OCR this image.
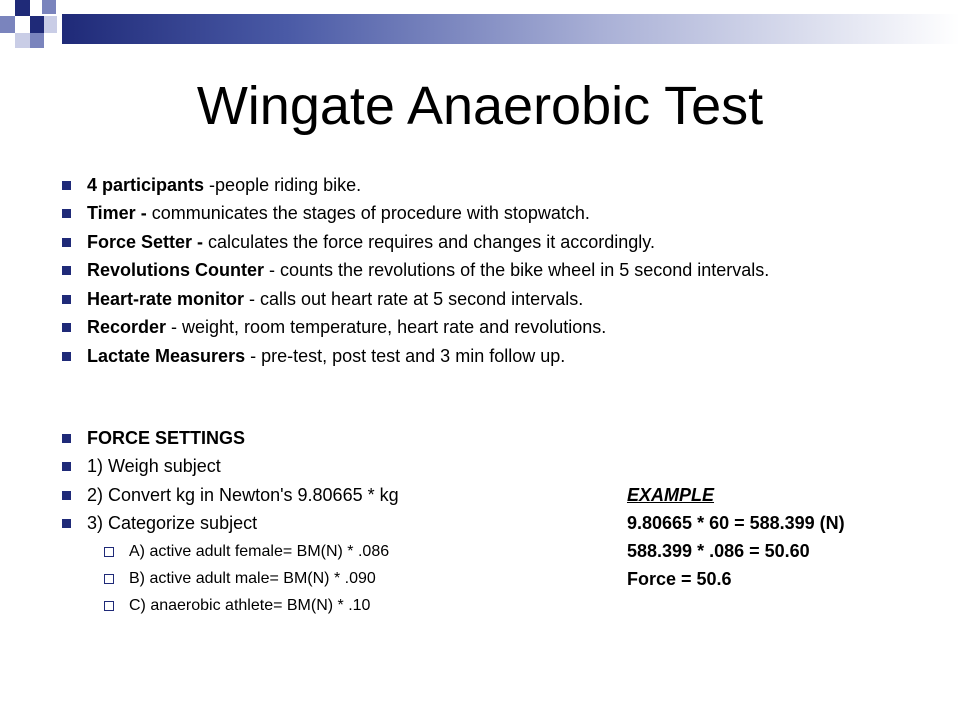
Wingate Anaerobic Test
4 participants -people riding bike.
Timer - communicates the stages of procedure with stopwatch.
Force Setter - calculates the force requires and changes it accordingly.
Revolutions Counter - counts the revolutions of the bike wheel in 5 second intervals.
Heart-rate monitor - calls out heart rate at 5 second intervals.
Recorder - weight, room temperature, heart rate and revolutions.
Lactate Measurers - pre-test, post test and 3 min follow up.
FORCE SETTINGS
1) Weigh subject
2) Convert kg in Newton's 9.80665 * kg
3) Categorize subject
A) active adult female= BM(N) * .086
B) active adult male= BM(N) * .090
C) anaerobic athlete= BM(N) * .10
EXAMPLE
9.80665 * 60 = 588.399 (N)
588.399 * .086 = 50.60
Force = 50.6
